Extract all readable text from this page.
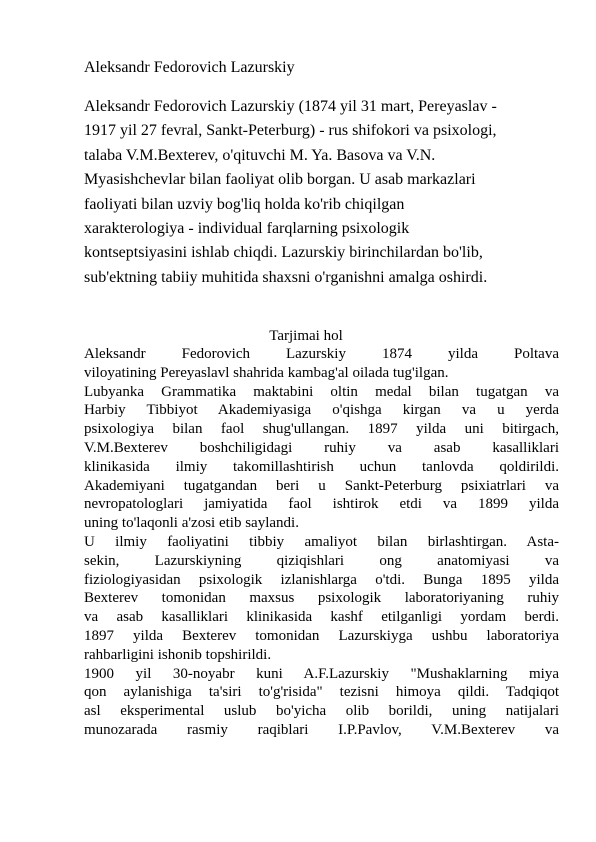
Aleksandr Fedorovich Lazurskiy
Aleksandr Fedorovich Lazurskiy (1874 yil 31 mart, Pereyaslav -
1917 yil 27 fevral, Sankt-Peterburg) - rus shifokori va psixologi,
talaba V.M.Bexterev, o'qituvchi M. Ya. Basova va V.N.
Myasishchevlar bilan faoliyat olib borgan. U asab markazlari
faoliyati bilan uzviy bog'liq holda ko'rib chiqilgan
xarakterologiya - individual farqlarning psixologik
kontseptsiyasini ishlab chiqdi. Lazurskiy birinchilardan bo'lib,
sub'ektning tabiiy muhitida shaxsni o'rganishni amalga oshirdi.
Tarjimai hol

Aleksandr Fedorovich Lazurskiy 1874 yilda Poltava
viloyatining Pereyaslavl shahrida kambag'al oilada tug'ilgan.

Lubyanka Grammatika maktabini oltin medal bilan tugatgan va
Harbiy Tibbiyot Akademiyasiga o'qishga kirgan va u yerda
psixologiya bilan faol shug'ullangan. 1897 yilda uni bitirgach,
V.M.Bexterev boshchiligidagi ruhiy va asab kasalliklari
klinikasida ilmiy takomillashtirish uchun tanlovda qoldirildi.
Akademiyani tugatgandan beri u Sankt-Peterburg psixiatrlari va
nevropatologlari jamiyatida faol ishtirok etdi va 1899 yilda
uning to'laqonli a'zosi etib saylandi.

U ilmiy faoliyatini tibbiy amaliyot bilan birlashtirgan. Asta-
sekin, Lazurskiyning qiziqishlari ong anatomiyasi va
fiziologiyasidan psixologik izlanishlarga o'tdi. Bunga 1895 yilda
Bexterev tomonidan maxsus psixologik laboratoriyaning ruhiy
va asab kasalliklari klinikasida kashf etilganligi yordam berdi.
1897 yilda Bexterev tomonidan Lazurskiyga ushbu laboratoriya
rahbarligini ishonib topshirildi.

1900 yil 30-noyabr kuni A.F.Lazurskiy "Mushaklarning miya
qon aylanishiga ta'siri to'g'risida" tezisni himoya qildi. Tadqiqot
asl eksperimental uslub bo'yicha olib borildi, uning natijalari
munozarada rasmiy raqiblari I.P.Pavlov, V.M.Bexterev va
